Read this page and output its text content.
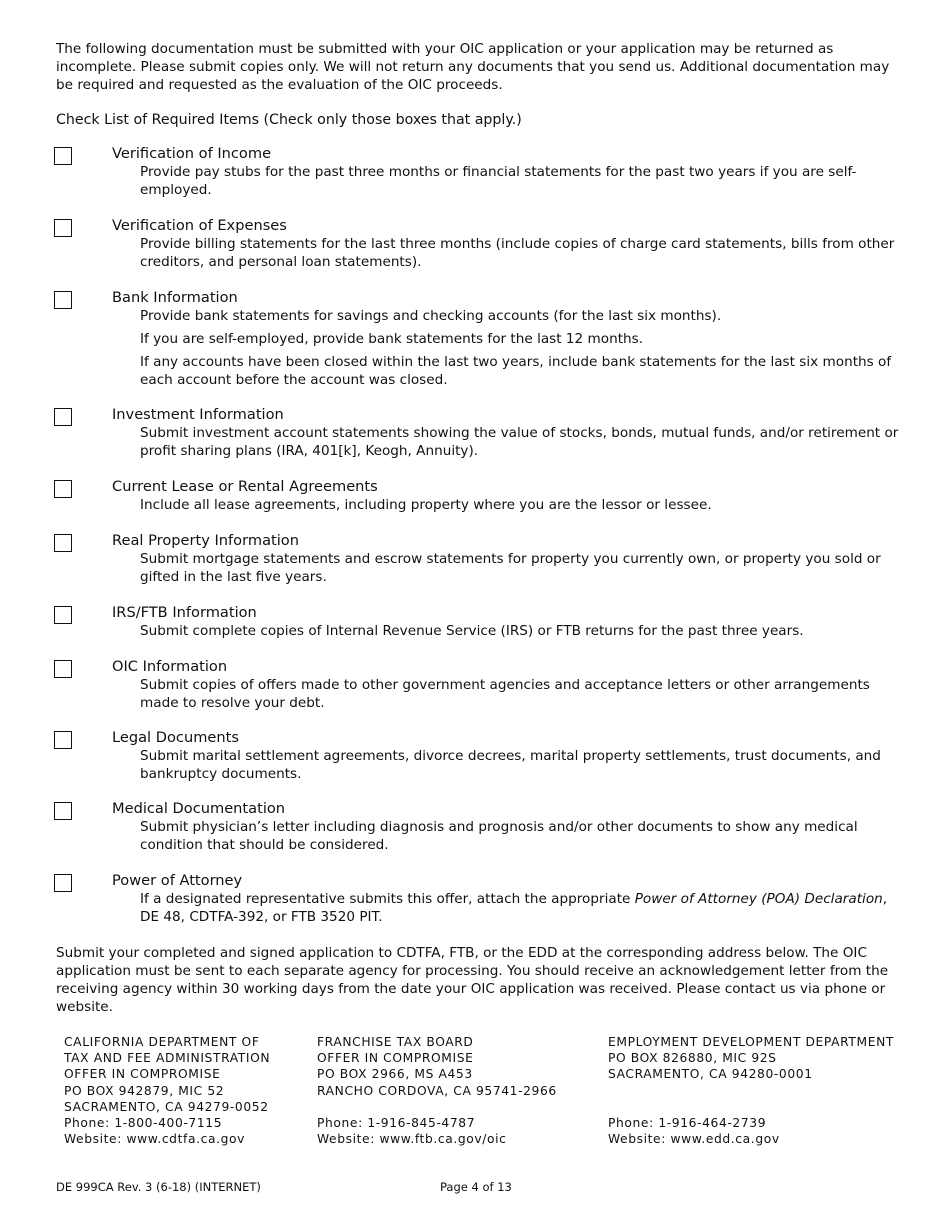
The following documentation must be submitted with your OIC application or your application may be returned as incomplete. Please submit copies only. We will not return any documents that you send us. Additional documentation may be required and requested as the evaluation of the OIC proceeds.
Check List of Required Items (Check only those boxes that apply.)
Verification of Income

Provide pay stubs for the past three months or financial statements for the past two years if you are self-employed.

Verification of Expenses

Provide billing statements for the last three months (include copies of charge card statements, bills from other creditors, and personal loan statements).

Bank Information

Provide bank statements for savings and checking accounts (for the last six months).

If you are self-employed, provide bank statements for the last 12 months.

If any accounts have been closed within the last two years, include bank statements for the last six months of each account before the account was closed.

Investment Information

Submit investment account statements showing the value of stocks, bonds, mutual funds, and/or retirement or profit sharing plans (IRA, 401[k], Keogh, Annuity).

Current Lease or Rental Agreements

Include all lease agreements, including property where you are the lessor or lessee.

Real Property Information

Submit mortgage statements and escrow statements for property you currently own, or property you sold or gifted in the last five years.

IRS/FTB Information

Submit complete copies of Internal Revenue Service (IRS) or FTB returns for the past three years.

OIC Information

Submit copies of offers made to other government agencies and acceptance letters or other arrangements made to resolve your debt.

Legal Documents

Submit marital settlement agreements, divorce decrees, marital property settlements, trust documents, and bankruptcy documents.

Medical Documentation

Submit physician’s letter including diagnosis and prognosis and/or other documents to show any medical condition that should be considered.

Power of Attorney

If a designated representative submits this offer, attach the appropriate Power of Attorney (POA) Declaration, DE 48, CDTFA-392, or FTB 3520 PIT.

Submit your completed and signed application to CDTFA, FTB, or the EDD at the corresponding address below. The OIC application must be sent to each separate agency for processing. You should receive an acknowledgement letter from the receiving agency within 30 working days from the date your OIC application was received. Please contact us via phone or website.
CALIFORNIA DEPARTMENT OF
TAX AND FEE ADMINISTRATION
OFFER IN COMPROMISE
PO BOX 942879, MIC 52
SACRAMENTO, CA 94279-0052
Phone: 1-800-400-7115
Website: www.cdtfa.ca.gov
FRANCHISE TAX BOARD
OFFER IN COMPROMISE
PO BOX 2966, MS A453
RANCHO CORDOVA, CA 95741-2966
Phone: 1-916-845-4787
Website: www.ftb.ca.gov/oic
EMPLOYMENT DEVELOPMENT DEPARTMENT
PO BOX 826880, MIC 92S
SACRAMENTO, CA 94280-0001
Phone: 1-916-464-2739
Website: www.edd.ca.gov
DE 999CA Rev. 3 (6-18) (INTERNET)	Page 4 of 13
